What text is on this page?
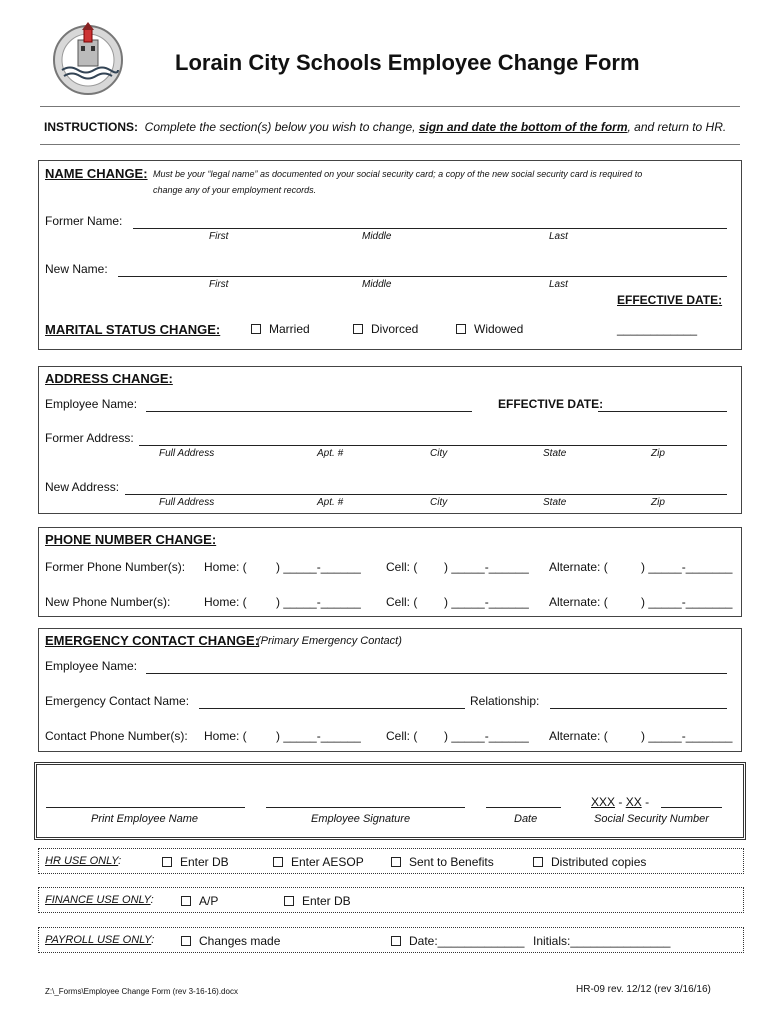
Lorain City Schools Employee Change Form
INSTRUCTIONS: Complete the section(s) below you wish to change, sign and date the bottom of the form, and return to HR.
NAME CHANGE: Must be your “legal name” as documented on your social security card; a copy of the new social security card is required to
change any of your employment records.
Former Name:
First	Middle	Last
New Name:
First	Middle	Last
EFFECTIVE DATE:
MARITAL STATUS CHANGE:	Married	Divorced	Widowed	____________
ADDRESS CHANGE:
Employee Name:	EFFECTIVE DATE:
Former Address:
Full Address	Apt. #	City	State	Zip
New Address:
Full Address	Apt. #	City	State	Zip
PHONE NUMBER CHANGE:
Former Phone Number(s): Home: ( ) _____-______ Cell: ( ) _____-______ Alternate: (	) _____-_______
New Phone Number(s):	Home: ( ) _____-______ Cell: ( ) _____-______ Alternate: (	) _____-_______
EMERGENCY CONTACT CHANGE:
(Primary Emergency Contact)
Employee Name:
Emergency Contact Name:	Relationship:
Contact Phone Number(s): Home: ( ) _____-______ Cell: ( ) _____-______ Alternate: (	) _____-_______
Print Employee Name	Employee Signature	Date
XXX - XX -
Social Security Number
HR USE ONLY:	Enter DB	Enter AESOP	Sent to Benefits	Distributed copies
FINANCE USE ONLY:	A/P	Enter DB
PAYROLL USE ONLY:	Changes made	Date:_____________ Initials:_______________
Z:\_Forms\Employee Change Form (rev 3-16-16).docx	HR-09 rev. 12/12 (rev 3/16/16)
